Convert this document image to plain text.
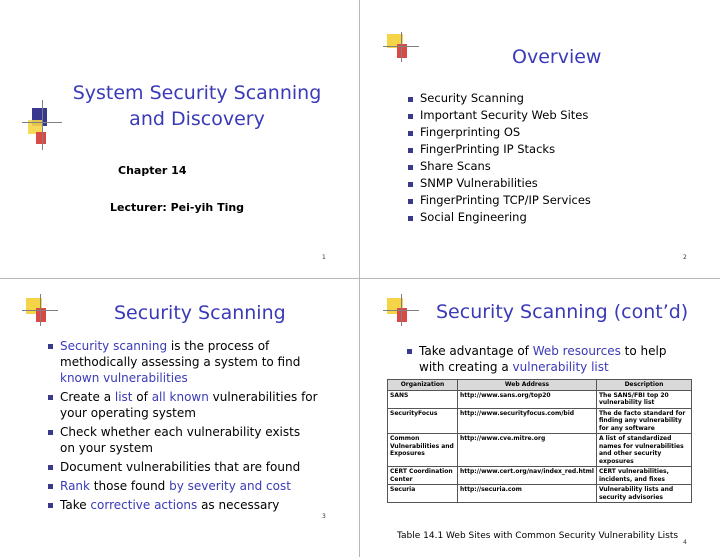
System Security Scanning
and Discovery

Chapter 14

Lecturer: Pei-yih Ting

1
Overview
Security Scanning
Important Security Web Sites
Fingerprinting OS
FingerPrinting IP Stacks
Share Scans
SNMP Vulnerabilities
FingerPrinting TCP/IP Services
Social Engineering
2
Security Scanning
Security scanning is the process of methodically assessing a system to find known vulnerabilities
Create a list of all known vulnerabilities for your operating system
Check whether each vulnerability exists on your system
Document vulnerabilities that are found
Rank those found by severity and cost
Take corrective actions as necessary
3
Security Scanning (cont’d)
Take advantage of Web resources to help with creating a vulnerability list
Organization	Web Address	Description
SANS	http://www.sans.org/top20	The SANS/FBI top 20 vulnerability list
SecurityFocus	http://www.securityfocus.com/bid	The de facto standard for finding any vulnerability for any software
Common Vulnerabilities and Exposures	http://www.cve.mitre.org	A list of standardized names for vulnerabilities and other security exposures
CERT Coordination Center	http://www.cert.org/nav/index_red.html	CERT vulnerabilities, incidents, and fixes
Securia	http://securia.com	Vulnerability lists and security advisories

Table 14.1 Web Sites with Common Security Vulnerability Lists

4
